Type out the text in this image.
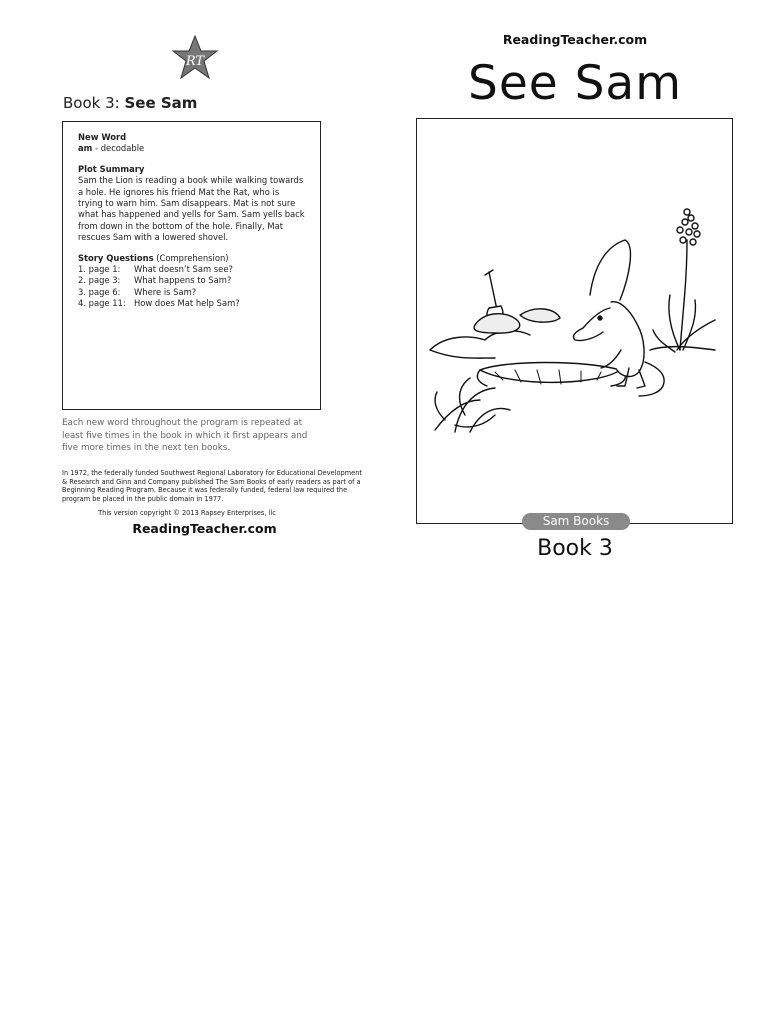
RT
Book 3: See Sam
New Word
am - decodable
Plot Summary

Sam the Lion is reading a book while walking towards a hole. He ignores his friend Mat the Rat, who is trying to warn him. Sam disappears. Mat is not sure what has happened and yells for Sam. Sam yells back from down in the bottom of the hole. Finally, Mat rescues Sam with a lowered shovel.

Story Questions (Comprehension)
1. page 1:	What doesn’t Sam see?
2. page 3:	What happens to Sam?
3. page 6:	Where is Sam?
4. page 11: How does Mat help Sam?
Each new word throughout the program is repeated at least five times in the book in which it first appears and five more times in the next ten books.
In 1972, the federally funded Southwest Regional Laboratory for Educational Development & Research and Ginn and Company published The Sam Books of early readers as part of a Beginning Reading Program. Because it was federally funded, federal law required the program be placed in the public domain in 1977.
This version copyright © 2013 Rapsey Enterprises, llc
ReadingTeacher.com
ReadingTeacher.com
See Sam
Sam Books
Book 3
